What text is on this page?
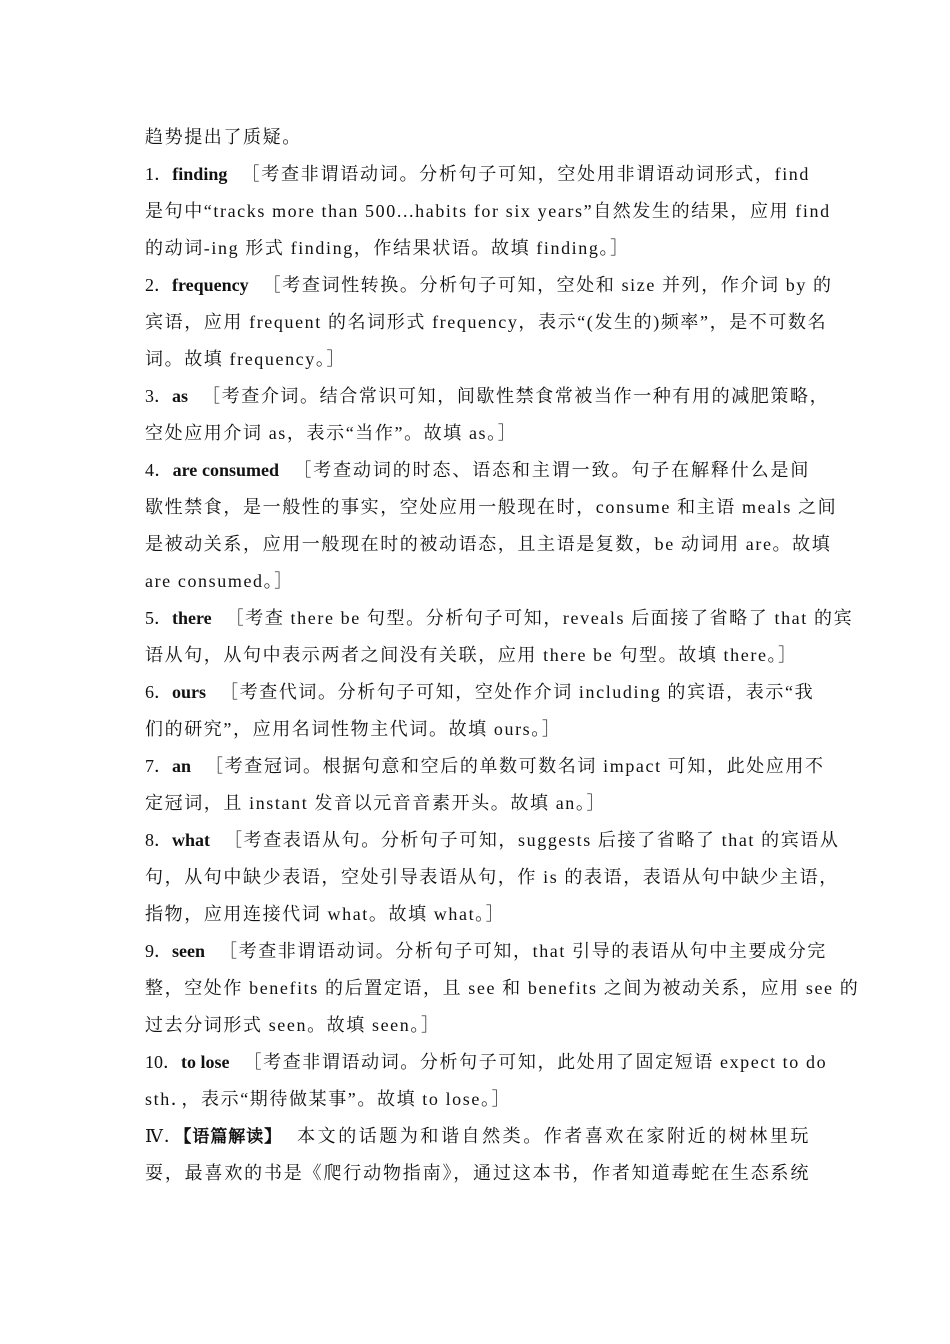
趋势提出了质疑。
1．finding ［考查非谓语动词。分析句子可知，空处用非谓语动词形式，find
是句中“tracks more than 500...habits for six years”自然发生的结果，应用 find
的动词-ing 形式 finding，作结果状语。故填 finding。］
2．frequency ［考查词性转换。分析句子可知，空处和 size 并列，作介词 by 的
宾语，应用 frequent 的名词形式 frequency，表示“(发生的)频率”，是不可数名
词。故填 frequency。］
3．as ［考查介词。结合常识可知，间歇性禁食常被当作一种有用的减肥策略，
空处应用介词 as，表示“当作”。故填 as。］
4．are consumed ［考查动词的时态、语态和主谓一致。句子在解释什么是间
歇性禁食，是一般性的事实，空处应用一般现在时，consume 和主语 meals 之间
是被动关系，应用一般现在时的被动语态，且主语是复数，be 动词用 are。故填
are consumed。］
5．there ［考查 there be 句型。分析句子可知，reveals 后面接了省略了 that 的宾
语从句，从句中表示两者之间没有关联，应用 there be 句型。故填 there。］
6．ours ［考查代词。分析句子可知，空处作介词 including 的宾语，表示“我
们的研究”，应用名词性物主代词。故填 ours。］
7．an ［考查冠词。根据句意和空后的单数可数名词 impact 可知，此处应用不
定冠词，且 instant 发音以元音音素开头。故填 an。］
8．what ［考查表语从句。分析句子可知，suggests 后接了省略了 that 的宾语从
句，从句中缺少表语，空处引导表语从句，作 is 的表语，表语从句中缺少主语，
指物，应用连接代词 what。故填 what。］
9．seen ［考查非谓语动词。分析句子可知，that 引导的表语从句中主要成分完
整，空处作 benefits 的后置定语，且 see 和 benefits 之间为被动关系，应用 see 的
过去分词形式 seen。故填 seen。］
10．to lose ［考查非谓语动词。分析句子可知，此处用了固定短语 expect to do
sth．，表示“期待做某事”。故填 to lose。］
Ⅳ．【语篇解读】 本文的话题为和谐自然类。作者喜欢在家附近的树林里玩
耍，最喜欢的书是《爬行动物指南》，通过这本书，作者知道毒蛇在生态系统
